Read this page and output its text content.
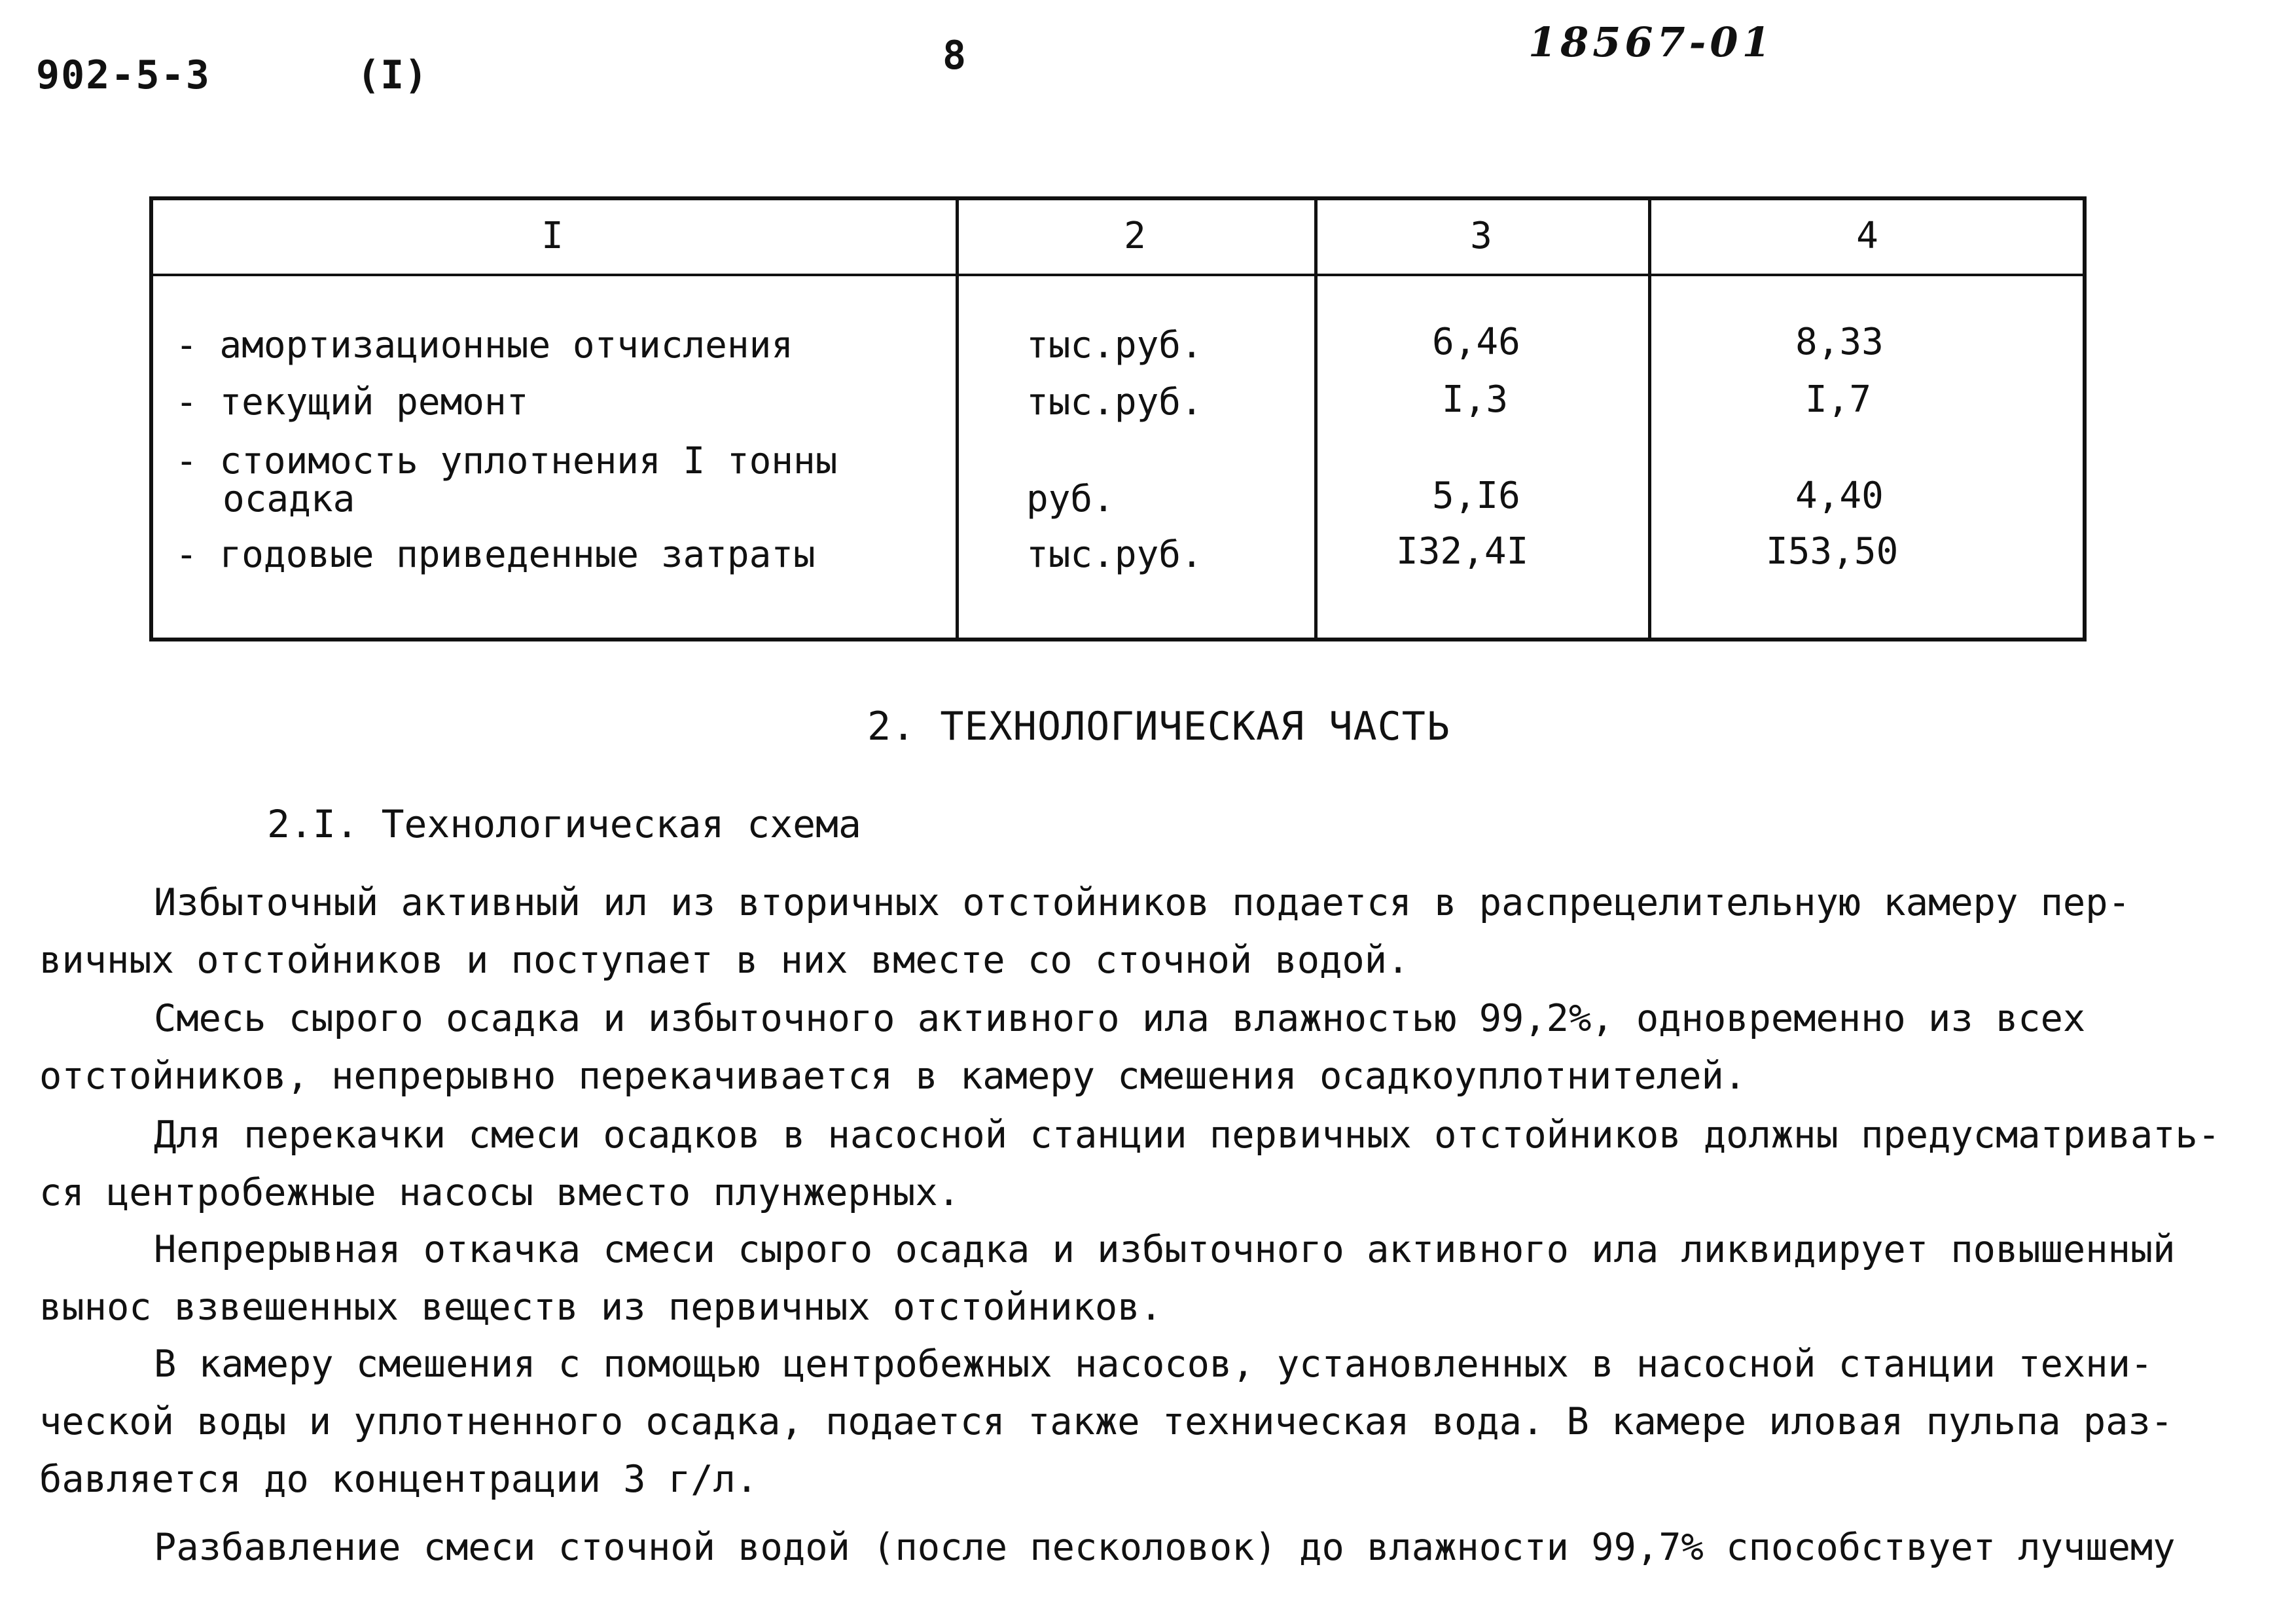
902-5-3	(I)	8	18567-01
I	2	3	4
- амортизационные отчисления	тыс.руб.	6,46	8,33
- текущий ремонт	тыс.руб.	I,3	I,7
- стоимость уплотнения I тонны
осадка	руб.	5,I6	4,40
- годовые приведенные затраты	тыс.руб.	I32,4I	I53,50
2. ТЕХНОЛОГИЧЕСКАЯ ЧАСТЬ
2.I. Технологическая схема
Избыточный активный ил из вторичных отстойников подается в распрецелительную камеру пер-
вичных отстойников и поступает в них вместе со сточной водой.
Смесь сырого осадка и избыточного активного ила влажностью 99,2%, одновременно из всех
отстойников, непрерывно перекачивается в камеру смешения осадкоуплотнителей.
Для перекачки смеси осадков в насосной станции первичных отстойников должны предусматривать-
ся центробежные насосы вместо плунжерных.
Непрерывная откачка смеси сырого осадка и избыточного активного ила ликвидирует повышенный
вынос взвешенных веществ из первичных отстойников.
В камеру смешения с помощью центробежных насосов, установленных в насосной станции техни-
ческой воды и уплотненного осадка, подается также техническая вода. В камере иловая пульпа раз-
бавляется до концентрации 3 г/л.
Разбавление смеси сточной водой (после песколовок) до влажности 99,7% способствует лучшему
